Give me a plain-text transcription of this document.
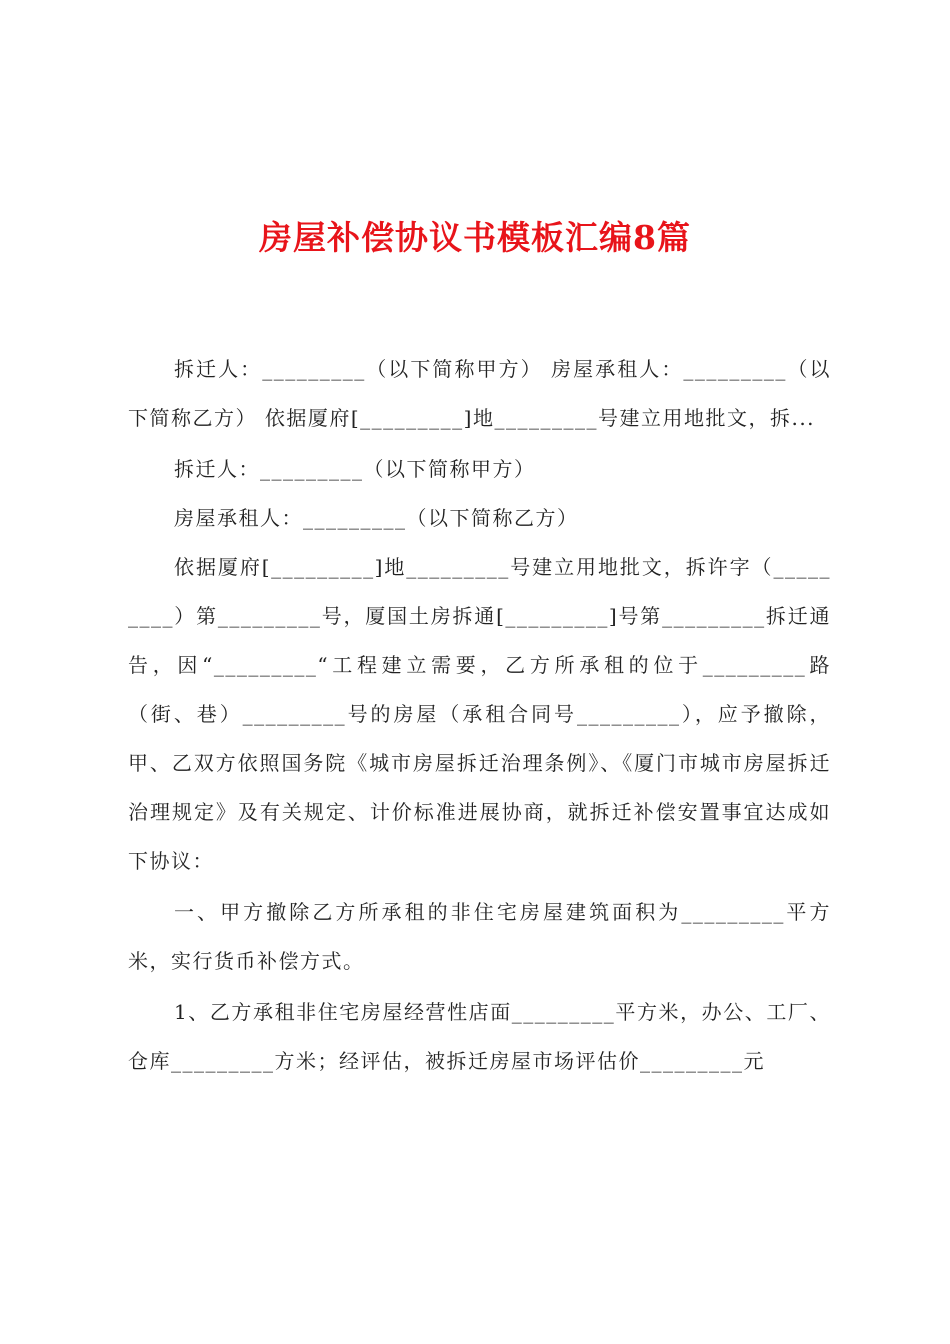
房屋补偿协议书模板汇编8篇

拆迁人：_________（以下简称甲方） 房屋承租人：_________（以下简称乙方） 依据厦府[_________]地_________号建立用地批文，拆...

拆迁人：_________（以下简称甲方）

房屋承租人：_________（以下简称乙方）

依据厦府[_________]地_________号建立用地批文，拆许字（_________）第_________号，厦国土房拆通[_________]号第_________拆迁通告，因“_________“工程建立需要，乙方所承租的位于_________路（街、巷）_________号的房屋（承租合同号_________），应予撤除，甲、乙双方依照国务院《城市房屋拆迁治理条例》、《厦门市城市房屋拆迁治理规定》及有关规定、计价标准进展协商，就拆迁补偿安置事宜达成如下协议：

一、甲方撤除乙方所承租的非住宅房屋建筑面积为_________平方米，实行货币补偿方式。

1、乙方承租非住宅房屋经营性店面_________平方米，办公、工厂、仓库_________方米；经评估，被拆迁房屋市场评估价_________元
